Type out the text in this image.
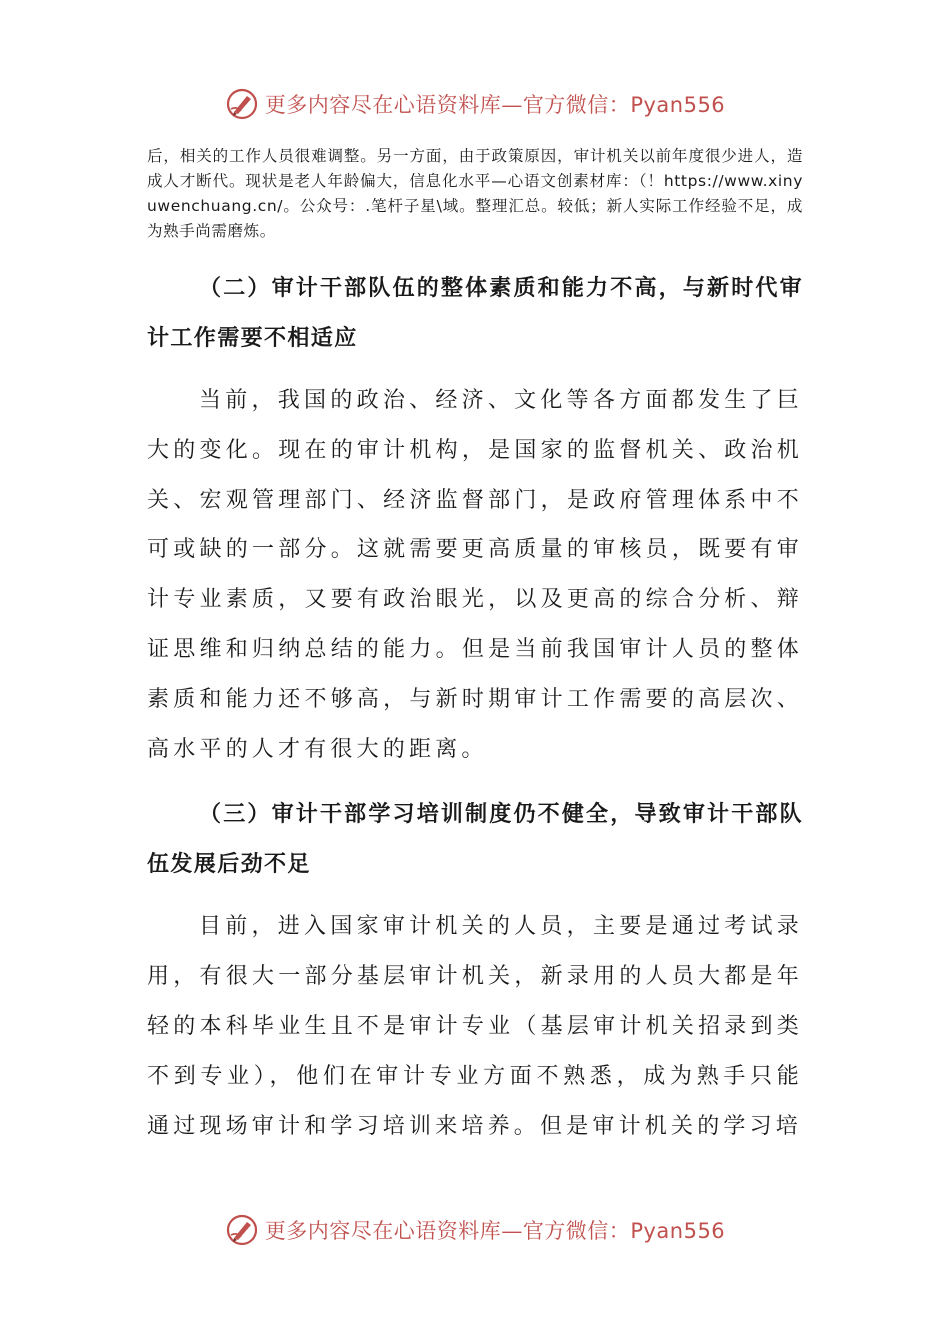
更多内容尽在心语资料库—官方微信：Pyan556

后，相关的工作人员很难调整。另一方面，由于政策原因，审计机关以前年度很少进人，造成人才断代。现状是老人年龄偏大，信息化水平—心语文创素材库：（！https://www.xinyuwenchuang.cn/。公众号：.笔杆子星\域。整理汇总。较低；新人实际工作经验不足，成为熟手尚需磨炼。

（二）审计干部队伍的整体素质和能力不高，与新时代审计工作需要不相适应

当前，我国的政治、经济、文化等各方面都发生了巨大的变化。现在的审计机构，是国家的监督机关、政治机关、宏观管理部门、经济监督部门，是政府管理体系中不可或缺的一部分。这就需要更高质量的审核员，既要有审计专业素质，又要有政治眼光，以及更高的综合分析、辩证思维和归纳总结的能力。但是当前我国审计人员的整体素质和能力还不够高，与新时期审计工作需要的高层次、高水平的人才有很大的距离。

（三）审计干部学习培训制度仍不健全，导致审计干部队伍发展后劲不足

目前，进入国家审计机关的人员，主要是通过考试录用，有很大一部分基层审计机关，新录用的人员大都是年轻的本科毕业生且不是审计专业（基层审计机关招录到类不到专业），他们在审计专业方面不熟悉，成为熟手只能通过现场审计和学习培训来培养。但是审计机关的学习培

更多内容尽在心语资料库—官方微信：Pyan556
